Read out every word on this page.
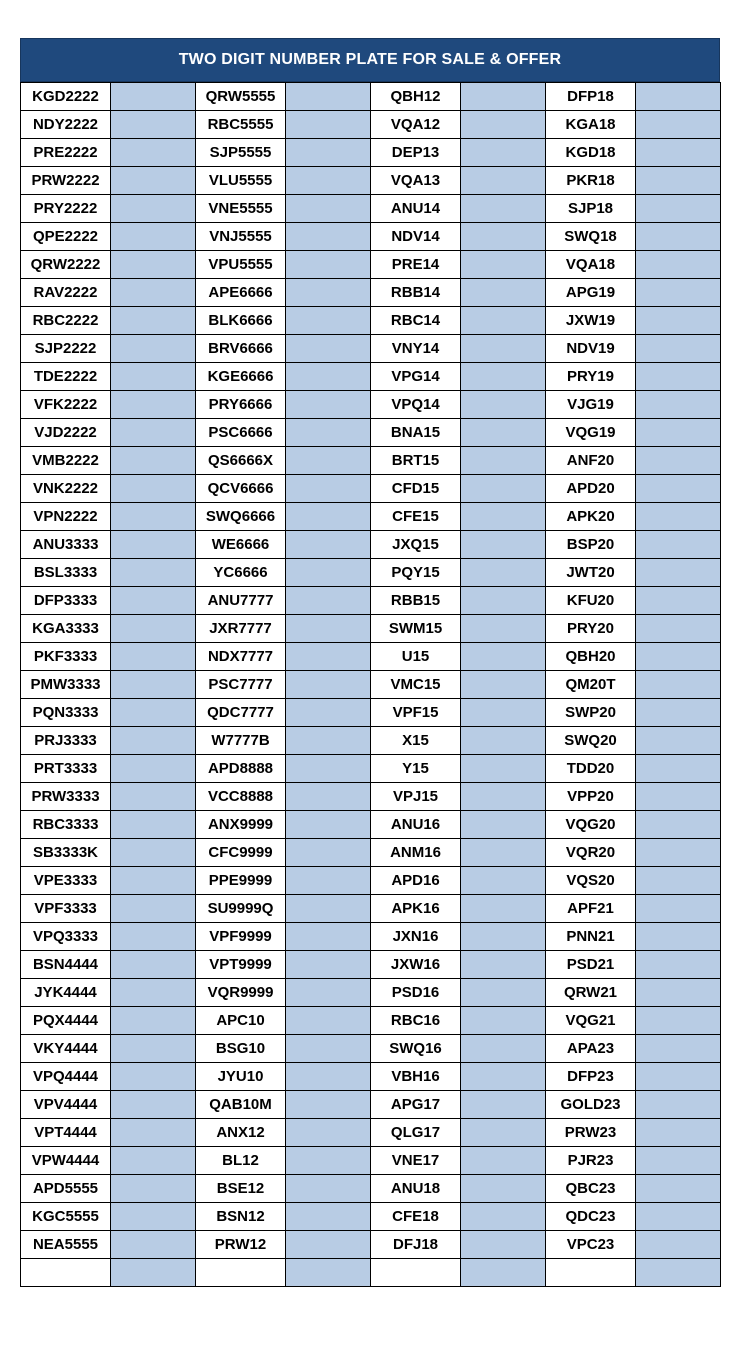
TWO DIGIT NUMBER PLATE FOR SALE & OFFER
KGD2222		QRW5555		QBH12		DFP18	
NDY2222		RBC5555		VQA12		KGA18	
PRE2222		SJP5555		DEP13		KGD18	
PRW2222		VLU5555		VQA13		PKR18	
PRY2222		VNE5555		ANU14		SJP18	
QPE2222		VNJ5555		NDV14		SWQ18	
QRW2222		VPU5555		PRE14		VQA18	
RAV2222		APE6666		RBB14		APG19	
RBC2222		BLK6666		RBC14		JXW19	
SJP2222		BRV6666		VNY14		NDV19	
TDE2222		KGE6666		VPG14		PRY19	
VFK2222		PRY6666		VPQ14		VJG19	
VJD2222		PSC6666		BNA15		VQG19	
VMB2222		QS6666X		BRT15		ANF20	
VNK2222		QCV6666		CFD15		APD20	
VPN2222		SWQ6666		CFE15		APK20	
ANU3333		WE6666		JXQ15		BSP20	
BSL3333		YC6666		PQY15		JWT20	
DFP3333		ANU7777		RBB15		KFU20	
KGA3333		JXR7777		SWM15		PRY20	
PKF3333		NDX7777		U15		QBH20	
PMW3333		PSC7777		VMC15		QM20T	
PQN3333		QDC7777		VPF15		SWP20	
PRJ3333		W7777B		X15		SWQ20	
PRT3333		APD8888		Y15		TDD20	
PRW3333		VCC8888		VPJ15		VPP20	
RBC3333		ANX9999		ANU16		VQG20	
SB3333K		CFC9999		ANM16		VQR20	
VPE3333		PPE9999		APD16		VQS20	
VPF3333		SU9999Q		APK16		APF21	
VPQ3333		VPF9999		JXN16		PNN21	
BSN4444		VPT9999		JXW16		PSD21	
JYK4444		VQR9999		PSD16		QRW21	
PQX4444		APC10		RBC16		VQG21	
VKY4444		BSG10		SWQ16		APA23	
VPQ4444		JYU10		VBH16		DFP23	
VPV4444		QAB10M		APG17		GOLD23	
VPT4444		ANX12		QLG17		PRW23	
VPW4444		BL12		VNE17		PJR23	
APD5555		BSE12		ANU18		QBC23	
KGC5555		BSN12		CFE18		QDC23	
NEA5555		PRW12		DFJ18		VPC23	
